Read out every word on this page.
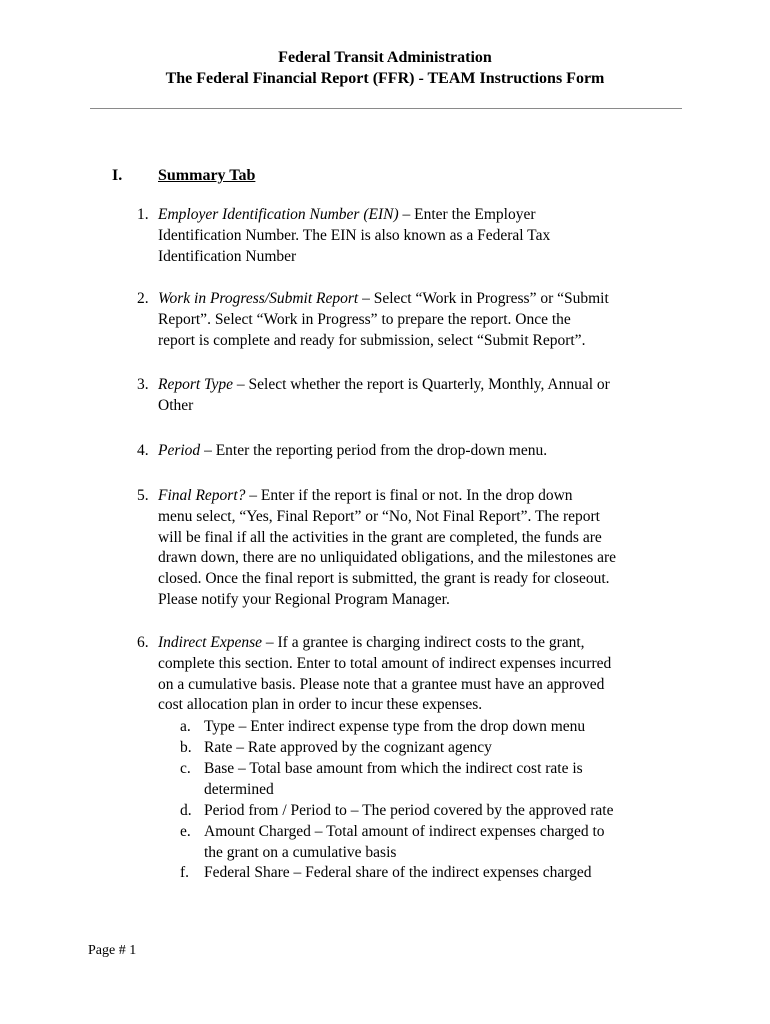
Federal Transit Administration
The Federal Financial Report (FFR) - TEAM Instructions Form
I. Summary Tab
1. Employer Identification Number (EIN) – Enter the Employer
Identification Number. The EIN is also known as a Federal Tax
Identification Number
2. Work in Progress/Submit Report – Select “Work in Progress” or “Submit
Report”. Select “Work in Progress” to prepare the report. Once the
report is complete and ready for submission, select “Submit Report”.
3. Report Type – Select whether the report is Quarterly, Monthly, Annual or
Other
4. Period – Enter the reporting period from the drop-down menu.
5. Final Report? – Enter if the report is final or not. In the drop down
menu select, “Yes, Final Report” or “No, Not Final Report”. The report
will be final if all the activities in the grant are completed, the funds are
drawn down, there are no unliquidated obligations, and the milestones are
closed. Once the final report is submitted, the grant is ready for closeout.
Please notify your Regional Program Manager.
6. Indirect Expense – If a grantee is charging indirect costs to the grant,
complete this section. Enter to total amount of indirect expenses incurred
on a cumulative basis. Please note that a grantee must have an approved
cost allocation plan in order to incur these expenses.
a. Type – Enter indirect expense type from the drop down menu
b. Rate – Rate approved by the cognizant agency
c. Base – Total base amount from which the indirect cost rate is
determined
d. Period from / Period to – The period covered by the approved rate
e. Amount Charged – Total amount of indirect expenses charged to
the grant on a cumulative basis
f. Federal Share – Federal share of the indirect expenses charged
Page # 1
